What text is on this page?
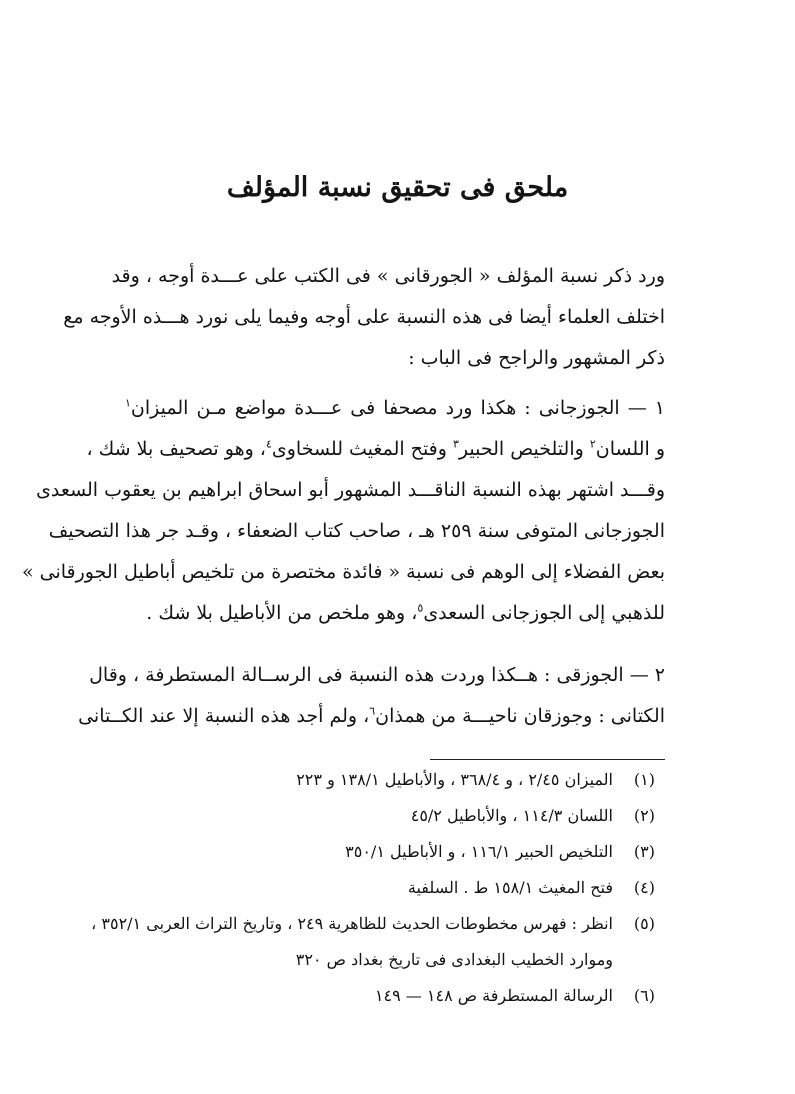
ملحق فى تحقيق نسبة المؤلف
ورد ذكر نسبة المؤلف « الجورقانى » فى الكتب على عـــدة أوجه ، وقد
اختلف العلماء أيضا فى هذه النسبة على أوجه وفيما يلى نورد هـــذه الأوجه مع
ذكر المشهور والراجح فى الباب :
١ — الجوزجانى : هكذا ورد مصحفا فى عـــدة مواضع مـن الميزان$^١$
و اللسان$^٢$ والتلخيص الحبير$^٣$ وفتح المغيث للسخاوى$^٤$، وهو تصحيف بلا شك ،
وقـــد اشتهر بهذه النسبة الناقـــد المشهور أبو اسحاق ابراهيم بن يعقوب السعدى
الجوزجانى المتوفى سنة ٢٥٩ هـ ، صاحب كتاب الضعفاء ، وقـد جر هذا التصحيف
بعض الفضلاء إلى الوهم فى نسبة « فائدة مختصرة من تلخيص أباطيل الجورقانى »
للذهبي إلى الجوزجانى السعدى$^٥$، وهو ملخص من الأباطيل بلا شك .
٢ — الجوزقى : هــكذا وردت هذه النسبة فى الرســالة المستطرفة ، وقال
الكتانى : وجوزقان ناحيـــة من همذان$^٦$، ولم أجد هذه النسبة إلا عند الكــتانى
(١)
الميزان ٢/٤٥ ، و ٣٦٨/٤ ، والأباطيل ١٣٨/١ و ٢٢٣
(٢)
اللسان ١١٤/٣ ، والأباطيل ٤٥/٢
(٣)
التلخيص الحبير ١١٦/١ ، و الأباطيل ٣٥٠/١
(٤)
فتح المغيث ١٥٨/١ ط . السلفية
(٥)
انظر : فهرس مخطوطات الحديث للظاهرية ٢٤٩ ، وتاريخ التراث العربى ٣٥٢/١ ،
وموارد الخطيب البغدادى فى تاريخ بغداد ص ٣٢٠
(٦)
الرسالة المستطرفة ص ١٤٨ — ١٤٩
